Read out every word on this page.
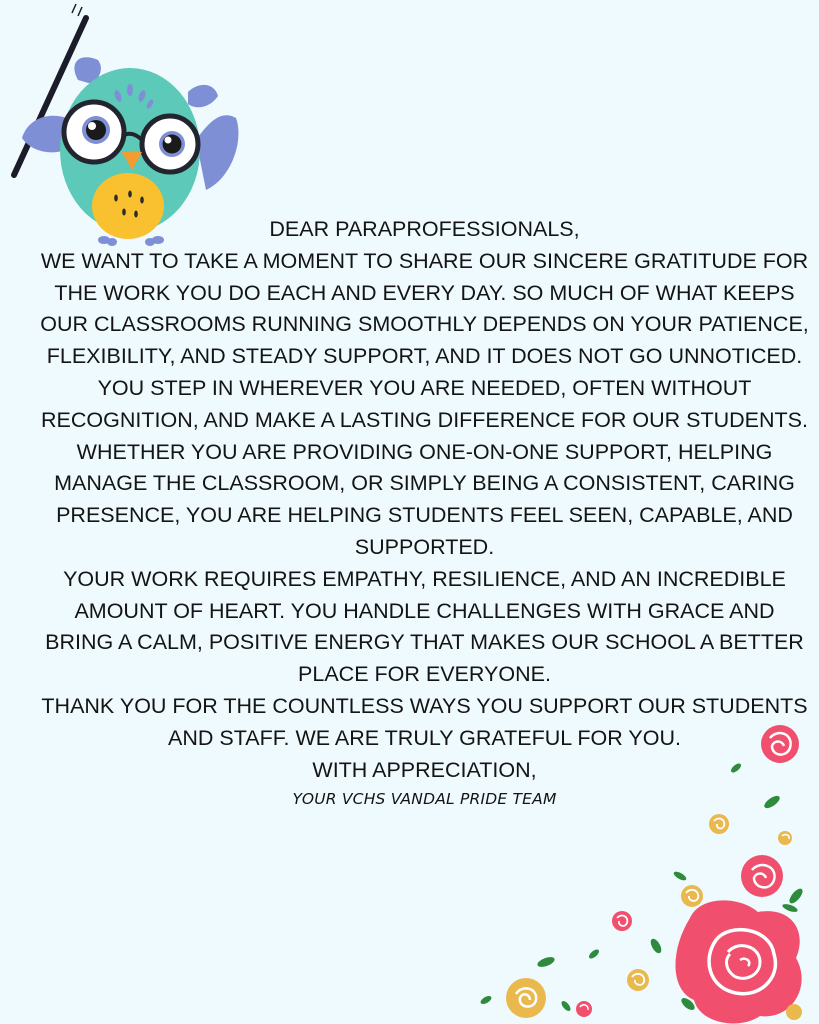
DEAR PARAPROFESSIONALS,

WE WANT TO TAKE A MOMENT TO SHARE OUR SINCERE GRATITUDE FOR THE WORK YOU DO EACH AND EVERY DAY. SO MUCH OF WHAT KEEPS OUR CLASSROOMS RUNNING SMOOTHLY DEPENDS ON YOUR PATIENCE, FLEXIBILITY, AND STEADY SUPPORT, AND IT DOES NOT GO UNNOTICED.

YOU STEP IN WHEREVER YOU ARE NEEDED, OFTEN WITHOUT RECOGNITION, AND MAKE A LASTING DIFFERENCE FOR OUR STUDENTS. WHETHER YOU ARE PROVIDING ONE-ON-ONE SUPPORT, HELPING MANAGE THE CLASSROOM, OR SIMPLY BEING A CONSISTENT, CARING PRESENCE, YOU ARE HELPING STUDENTS FEEL SEEN, CAPABLE, AND SUPPORTED.

YOUR WORK REQUIRES EMPATHY, RESILIENCE, AND AN INCREDIBLE AMOUNT OF HEART. YOU HANDLE CHALLENGES WITH GRACE AND BRING A CALM, POSITIVE ENERGY THAT MAKES OUR SCHOOL A BETTER PLACE FOR EVERYONE.

THANK YOU FOR THE COUNTLESS WAYS YOU SUPPORT OUR STUDENTS AND STAFF. WE ARE TRULY GRATEFUL FOR YOU.

WITH APPRECIATION,

YOUR VCHS VANDAL PRIDE TEAM
